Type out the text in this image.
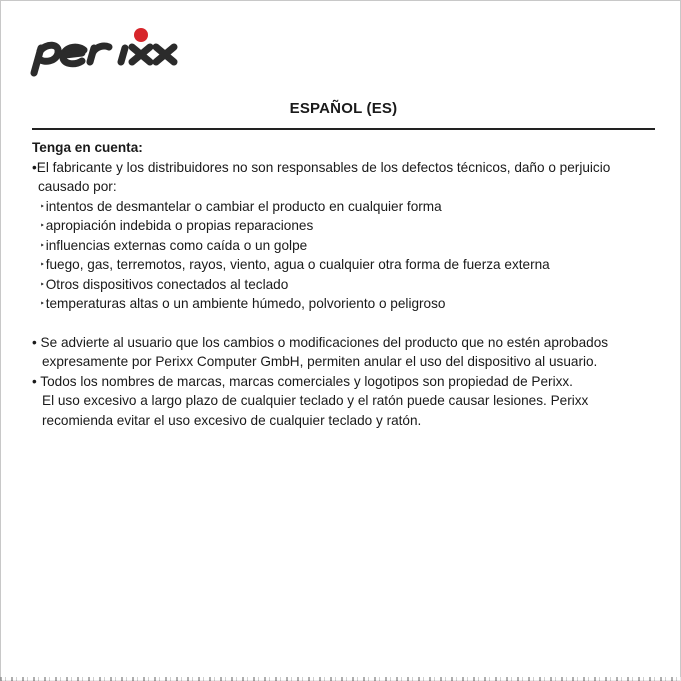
ESPAÑOL (ES)

Tenga en cuenta:

•El fabricante y los distribuidores no son responsables de los defectos técnicos, daño o perjuicio

causado por:

‣intentos de desmantelar o cambiar el producto en cualquier forma

‣apropiación indebida o propias reparaciones

‣influencias externas como caída o un golpe

‣fuego, gas, terremotos, rayos, viento, agua o cualquier otra forma de fuerza externa

‣Otros dispositivos conectados al teclado

‣temperaturas altas o un ambiente húmedo, polvoriento o peligroso

• Se advierte al usuario que los cambios o modificaciones del producto que no estén aprobados

expresamente por Perixx Computer GmbH, permiten anular el uso del dispositivo al usuario.

• Todos los nombres de marcas, marcas comerciales y logotipos son propiedad de Perixx.

El uso excesivo a largo plazo de cualquier teclado y el ratón puede causar lesiones. Perixx

recomienda evitar el uso excesivo de cualquier teclado y ratón.
